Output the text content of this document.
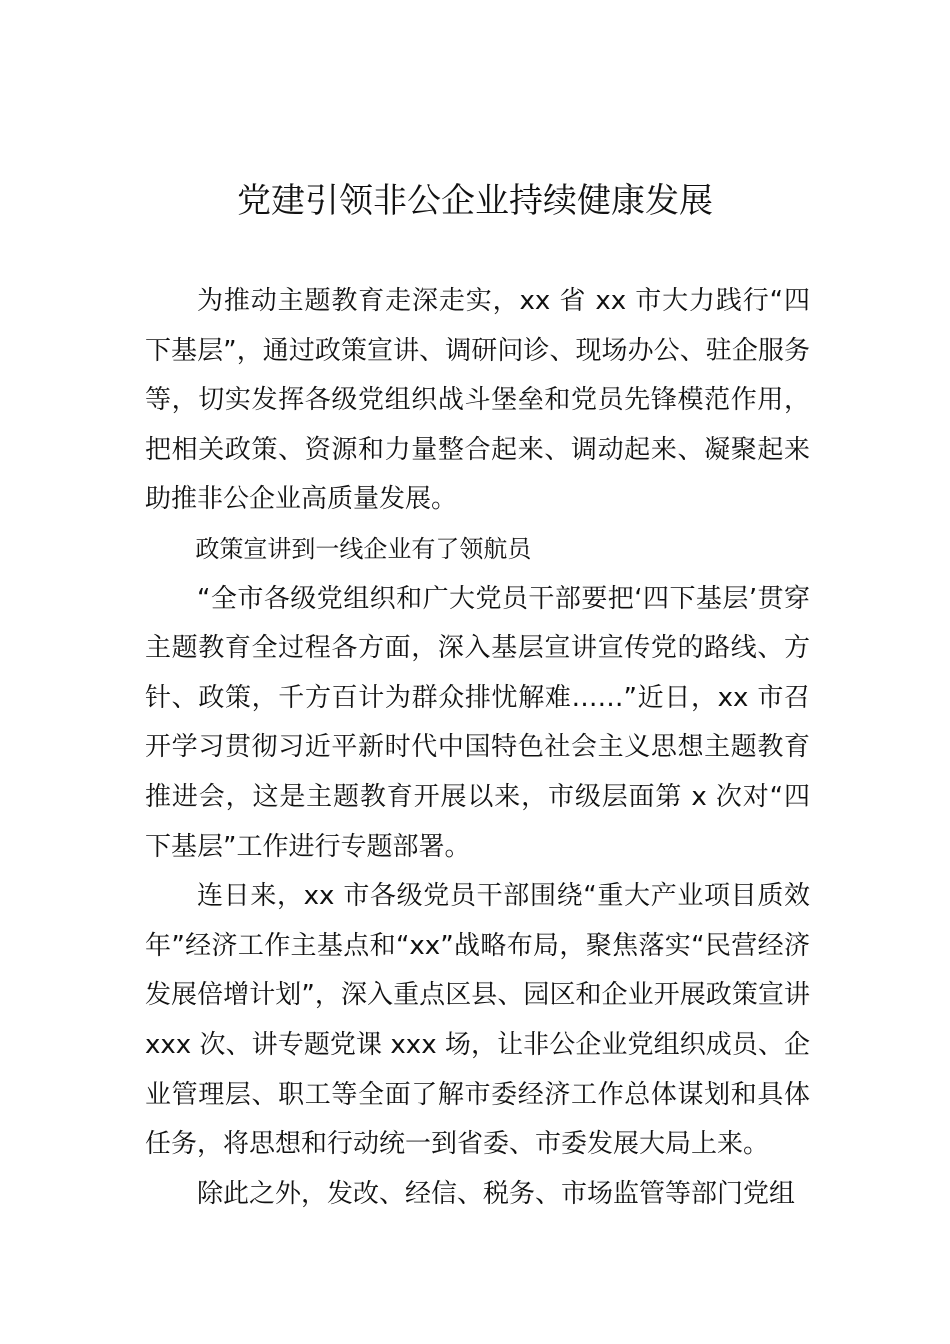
党建引领非公企业持续健康发展

为推动主题教育走深走实，xx 省 xx 市大力践行“四下基层”，通过政策宣讲、调研问诊、现场办公、驻企服务等，切实发挥各级党组织战斗堡垒和党员先锋模范作用，把相关政策、资源和力量整合起来、调动起来、凝聚起来助推非公企业高质量发展。

政策宣讲到一线企业有了领航员

“全市各级党组织和广大党员干部要把‘四下基层’贯穿主题教育全过程各方面，深入基层宣讲宣传党的路线、方针、政策，千方百计为群众排忧解难……”近日，xx 市召开学习贯彻习近平新时代中国特色社会主义思想主题教育推进会，这是主题教育开展以来，市级层面第 x 次对“四下基层”工作进行专题部署。

连日来，xx 市各级党员干部围绕“重大产业项目质效年”经济工作主基点和“xx”战略布局，聚焦落实“民营经济发展倍增计划”，深入重点区县、园区和企业开展政策宣讲 xxx 次、讲专题党课 xxx 场，让非公企业党组织成员、企业管理层、职工等全面了解市委经济工作总体谋划和具体任务，将思想和行动统一到省委、市委发展大局上来。

除此之外，发改、经信、税务、市场监管等部门党组
